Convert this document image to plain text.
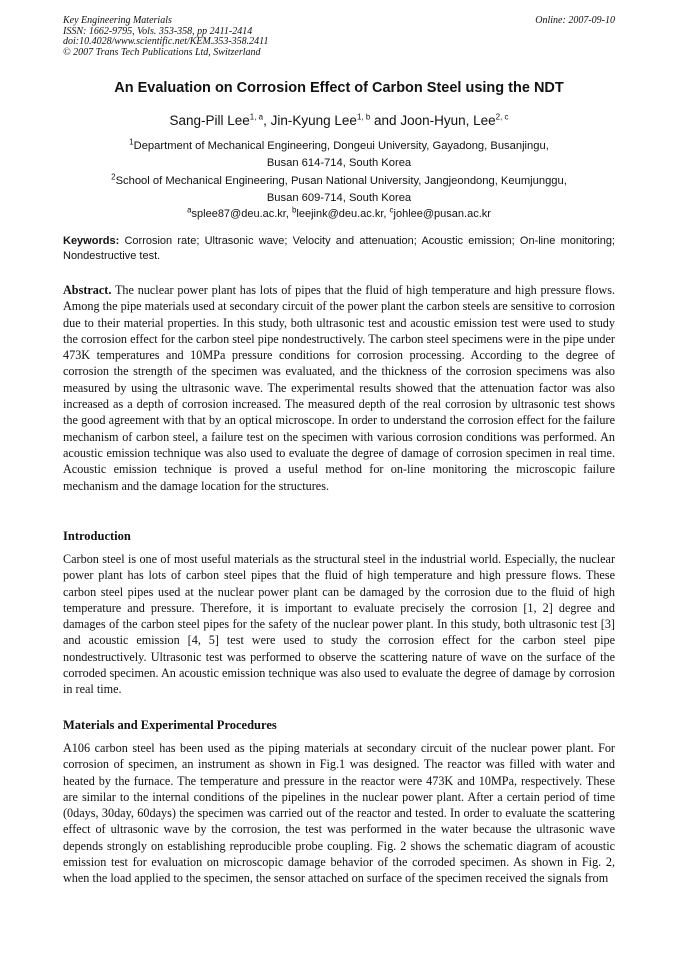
Key Engineering Materials
ISSN: 1662-9795, Vols. 353-358, pp 2411-2414
doi:10.4028/www.scientific.net/KEM.353-358.2411
© 2007 Trans Tech Publications Ltd, Switzerland
Online: 2007-09-10
An Evaluation on Corrosion Effect of Carbon Steel using the NDT
Sang-Pill Lee$^{1, a}$, Jin-Kyung Lee$^{1, b}$ and Joon-Hyun, Lee$^{2, c}$
$^1$Department of Mechanical Engineering, Dongeui University, Gayadong, Busanjingu,
Busan 614-714, South Korea
$^2$School of Mechanical Engineering, Pusan National University, Jangjeondong, Keumjunggu,
Busan 609-714, South Korea
$^a$splee87@deu.ac.kr, $^b$leejink@deu.ac.kr, $^c$johlee@pusan.ac.kr
Keywords: Corrosion rate; Ultrasonic wave; Velocity and attenuation; Acoustic emission; On-line monitoring; Nondestructive test.

Abstract. The nuclear power plant has lots of pipes that the fluid of high temperature and high pressure flows. Among the pipe materials used at secondary circuit of the power plant the carbon steels are sensitive to corrosion due to their material properties. In this study, both ultrasonic test and acoustic emission test were used to study the corrosion effect for the carbon steel pipe nondestructively. The carbon steel specimens were in the pipe under 473K temperatures and 10MPa pressure conditions for corrosion processing. According to the degree of corrosion the strength of the specimen was evaluated, and the thickness of the corrosion specimens was also measured by using the ultrasonic wave. The experimental results showed that the attenuation factor was also increased as a depth of corrosion increased. The measured depth of the real corrosion by ultrasonic test shows the good agreement with that by an optical microscope. In order to understand the corrosion effect for the failure mechanism of carbon steel, a failure test on the specimen with various corrosion conditions was performed. An acoustic emission technique was also used to evaluate the degree of damage of corrosion specimen in real time. Acoustic emission technique is proved a useful method for on-line monitoring the microscopic failure mechanism and the damage location for the structures.

Introduction

Carbon steel is one of most useful materials as the structural steel in the industrial world. Especially, the nuclear power plant has lots of carbon steel pipes that the fluid of high temperature and high pressure flows. These carbon steel pipes used at the nuclear power plant can be damaged by the corrosion due to the fluid of high temperature and pressure. Therefore, it is important to evaluate precisely the corrosion [1, 2] degree and damages of the carbon steel pipes for the safety of the nuclear power plant. In this study, both ultrasonic test [3] and acoustic emission [4, 5] test were used to study the corrosion effect for the carbon steel pipe nondestructively. Ultrasonic test was performed to observe the scattering nature of wave on the surface of the corroded specimen. An acoustic emission technique was also used to evaluate the degree of damage by corrosion in real time.

Materials and Experimental Procedures

A106 carbon steel has been used as the piping materials at secondary circuit of the nuclear power plant. For corrosion of specimen, an instrument as shown in Fig.1 was designed. The reactor was filled with water and heated by the furnace. The temperature and pressure in the reactor were 473K and 10MPa, respectively. These are similar to the internal conditions of the pipelines in the nuclear power plant. After a certain period of time (0days, 30day, 60days) the specimen was carried out of the reactor and tested. In order to evaluate the scattering effect of ultrasonic wave by the corrosion, the test was performed in the water because the ultrasonic wave depends strongly on establishing reproducible probe coupling. Fig. 2 shows the schematic diagram of acoustic emission test for evaluation on microscopic damage behavior of the corroded specimen. As shown in Fig. 2, when the load applied to the specimen, the sensor attached on surface of the specimen received the signals from
